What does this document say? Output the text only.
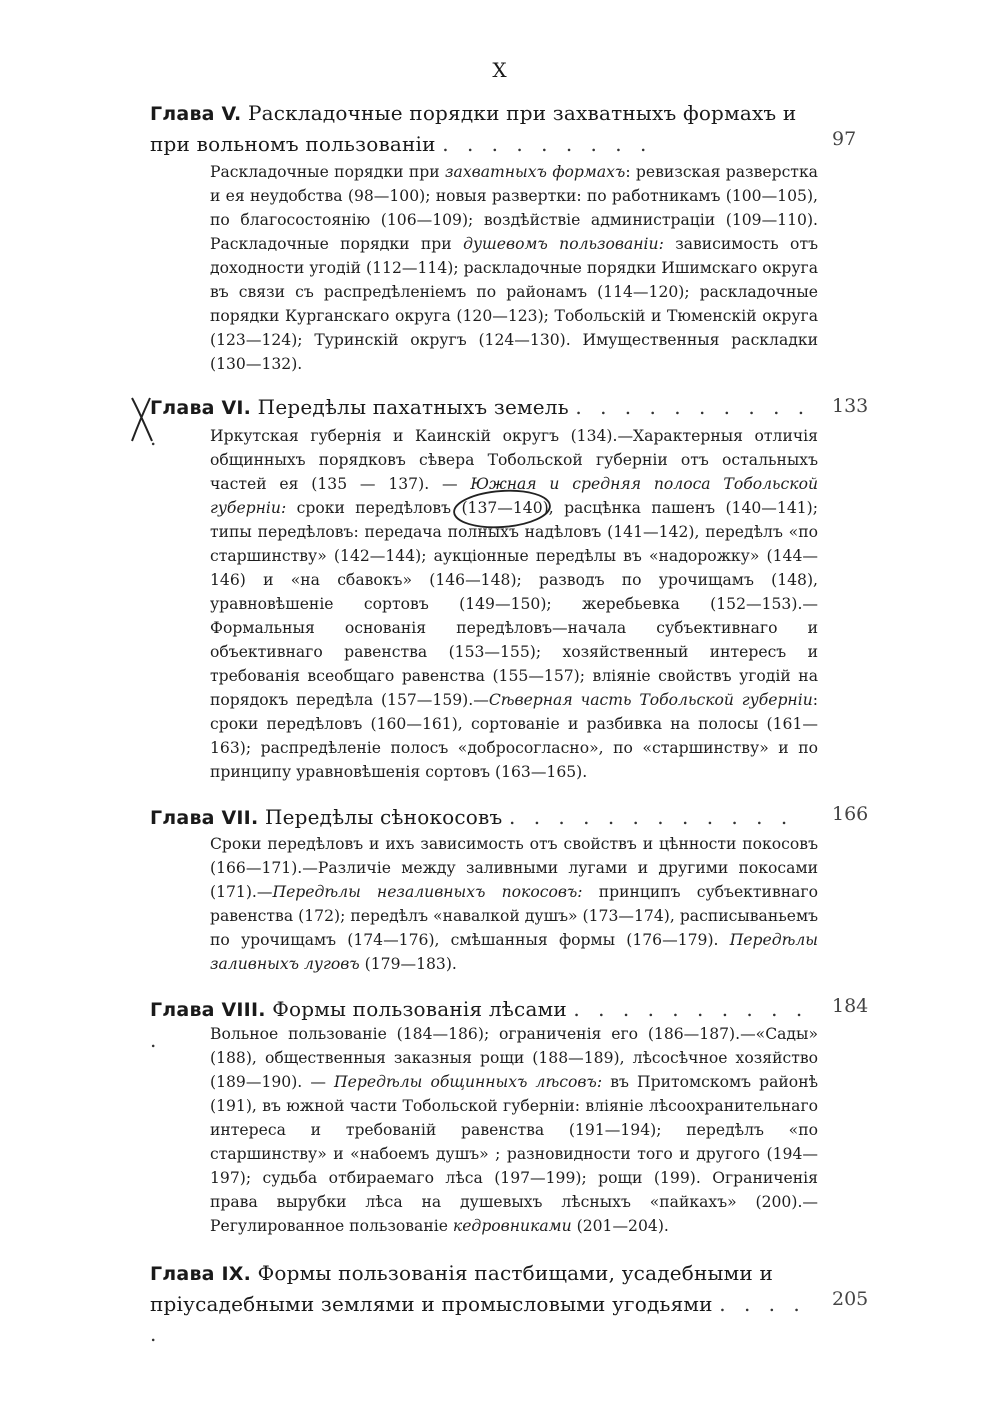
X
Глава V. Раскладочные порядки при захватныхъ формахъ и при вольномъ пользованіи . . . . . . . . .	97

Раскладочные порядки при захватныхъ формахъ: ревизская разверстка и ея неудобства (98—100); новыя развертки: по работникамъ (100—105), по благосостоянію (106—109); воздѣйствіе администраціи (109—110). Раскладочные порядки при душевомъ пользованіи: зависимость отъ доходности угодій (112—114); раскладочные порядки Ишимскаго округа въ связи съ распредѣленіемъ по районамъ (114—120); раскладочные порядки Курганскаго округа (120—123); Тобольскій и Тюменскій округа (123—124); Туринскій округъ (124—130). Имущественныя раскладки (130—132).

Глава VI. Передѣлы пахатныхъ земель . . . . . . . . . . .
133

Иркутская губернія и Каинскій округъ (134).—Характерныя отличія общинныхъ порядковъ сѣвера Тобольской губерніи отъ остальныхъ частей ея (135 — 137). — Южная и средняя полоса Тобольской губерніи: сроки передѣловъ (137—140), расцѣнка пашенъ (140—141); типы передѣловъ: передача полныхъ надѣловъ (141—142), передѣлъ «по старшинству» (142—144); аукціонные передѣлы въ «надорожку» (144—146) и «на сбавокъ» (146—148); разводъ по урочищамъ (148), уравновѣшеніе сортовъ (149—150); жеребьевка (152—153).—Формальныя основанія передѣловъ—начала субъективнаго и объективнаго равенства (153—155); хозяйственный интересъ и требованія всеобщаго равенства (155—157); вліяніе свойствъ угодій на порядокъ передѣла (157—159).—Сѣверная часть Тобольской губерніи: сроки передѣловъ (160—161), сортованіе и разбивка на полосы (161—163); распредѣленіе полосъ «добросогласно», по «старшинству» и по принципу уравновѣшенія сортовъ (163—165).

Глава VII. Передѣлы сѣнокосовъ . . . . . . . . . . . .	166

Сроки передѣловъ и ихъ зависимость отъ свойствъ и цѣнности покосовъ (166—171).—Различіе между заливными лугами и другими покосами (171).—Передѣлы незаливныхъ покосовъ: принципъ субъективнаго равенства (172); передѣлъ «навалкой душъ» (173—174), расписываньемъ по урочищамъ (174—176), смѣшанныя формы (176—179). Передѣлы заливныхъ луговъ (179—183).

Глава VIII. Формы пользованія лѣсами . . . . . . . . . . .
184

Вольное пользованіе (184—186); ограниченія его (186—187).—«Сады» (188), общественныя заказныя рощи (188—189), лѣсосѣчное хозяйство (189—190). — Передѣлы общинныхъ лѣсовъ: въ Притомскомъ районѣ (191), въ южной части Тобольской губерніи: вліяніе лѣсоохранительнаго интереса и требованій равенства (191—194); передѣлъ «по старшинству» и «набоемъ душъ» ; разновидности того и другого (194—197); судьба отбираемаго лѣса (197—199); рощи (199). Ограниченія права вырубки лѣса на душевыхъ лѣсныхъ «пайкахъ» (200).—Регулированное пользованіе кедровниками (201—204).

Глава IX. Формы пользованія пастбищами, усадебными и пріусадебными землями и промысловыми угодьями . . . . .
205
